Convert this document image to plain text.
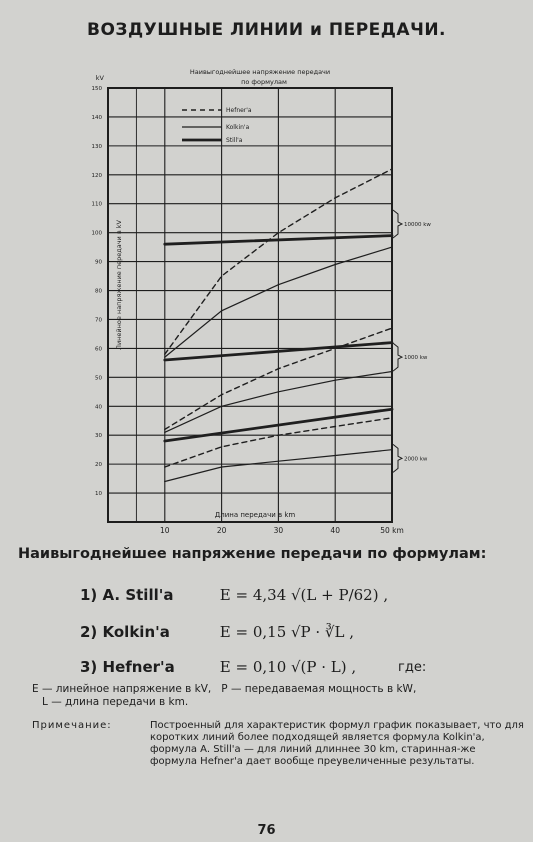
ВОЗДУШНЫЕ ЛИНИИ и ПЕРЕДАЧИ.
10	20	30	40	50 km
10
20
30
40
50
60
70
80
90
100
110
120
130
140
150
kV
10000 kw
1000 kw
2000 kw
Наивыгоднейшее напряжение передачи
по формулам
Hefner'a
Kolkin'a
Still'a
Длина передачи в km
Линейное напряжение передачи в kV
Наивыгоднейшее напряжение передачи по формулам:
1) A. Still'a	E = 4,34 √(L + P/62) ,
2) Kolkin'a	E = 0,15 √P · ∛L ,
3) Hefner'a	E = 0,10 √(P · L) ,	где:
E — линейное напряжение в kV,   P — передаваемая мощность в kW,
L — длина передачи в km.
Примечание:	Построенный для характеристик формул график показывает, что для коротких линий более подходящей является формула Kolkin'a, формула A. Still'a — для линий длиннее 30 km, старинная-же формула Hefner'a дает вообще преувеличенные результаты.
76
